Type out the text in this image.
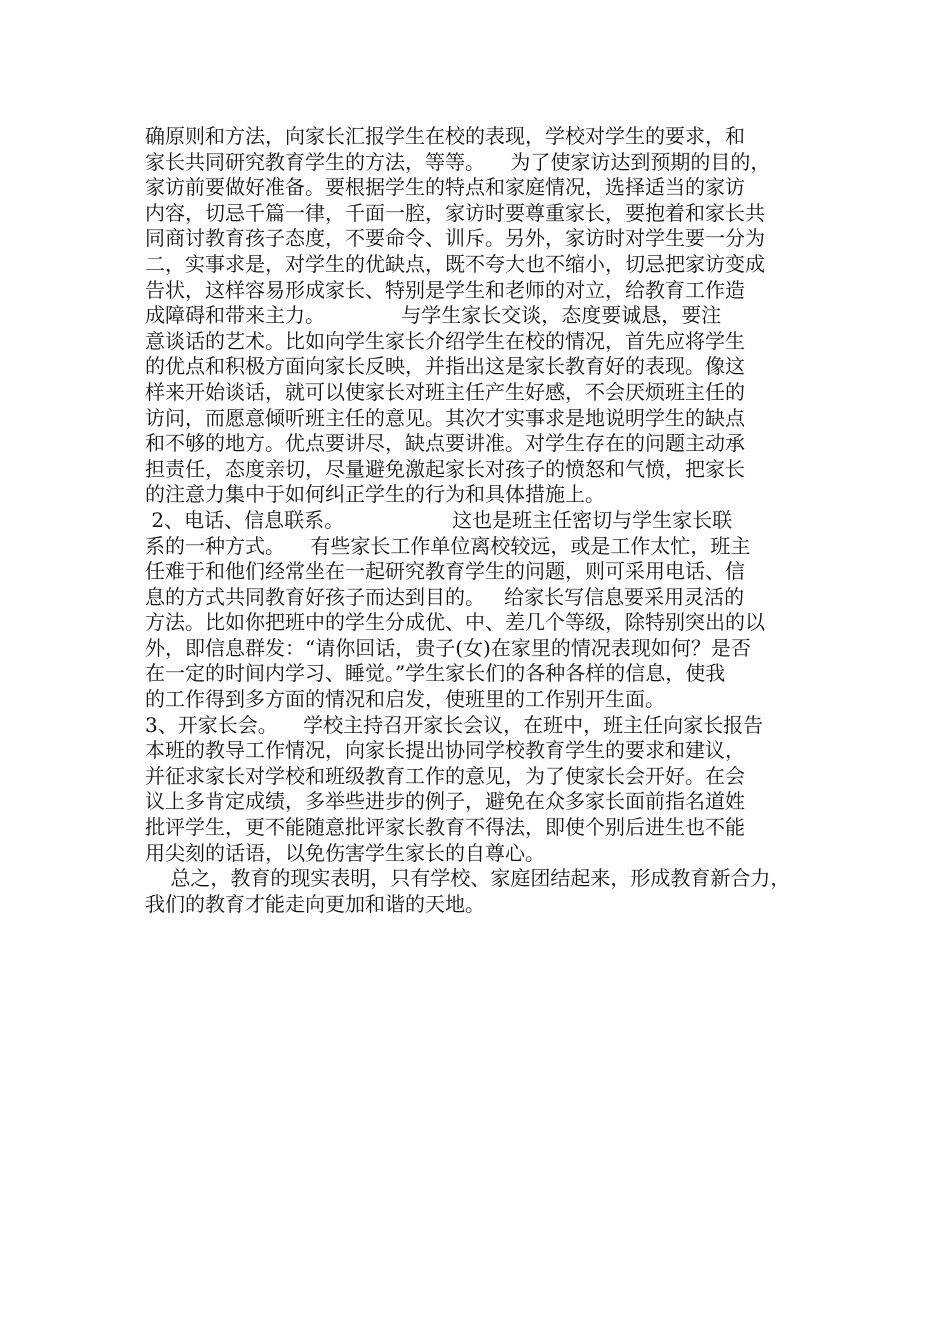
确原则和方法，向家长汇报学生在校的表现，学校对学生的要求，和
家长共同研究教育学生的方法，等等。    为了使家访达到预期的目的，
家访前要做好准备。要根据学生的特点和家庭情况，选择适当的家访
内容，切忌千篇一律，千面一腔，家访时要尊重家长，要抱着和家长共
同商讨教育孩子态度，不要命令、训斥。另外，家访时对学生要一分为
二，实事求是，对学生的优缺点，既不夸大也不缩小，切忌把家访变成
告状，这样容易形成家长、特别是学生和老师的对立，给教育工作造
成障碍和带来主力。            与学生家长交谈，态度要诚恳，要注
意谈话的艺术。比如向学生家长介绍学生在校的情况，首先应将学生
的优点和积极方面向家长反映，并指出这是家长教育好的表现。像这
样来开始谈话，就可以使家长对班主任产生好感，不会厌烦班主任的
访问，而愿意倾听班主任的意见。其次才实事求是地说明学生的缺点
和不够的地方。优点要讲尽，缺点要讲准。对学生存在的问题主动承
担责任，态度亲切，尽量避免激起家长对孩子的愤怒和气愤，把家长
的注意力集中于如何纠正学生的行为和具体措施上。
2、电话、信息联系。                 这也是班主任密切与学生家长联
系的一种方式。    有些家长工作单位离校较远，或是工作太忙，班主
任难于和他们经常坐在一起研究教育学生的问题，则可采用电话、信
息的方式共同教育好孩子而达到目的。   给家长写信息要采用灵活的
方法。比如你把班中的学生分成优、中、差几个等级，除特别突出的以
外，即信息群发：“请你回话，贵子(女)在家里的情况表现如何？是否
在一定的时间内学习、睡觉。”学生家长们的各种各样的信息，使我
的工作得到多方面的情况和启发，使班里的工作别开生面。
3、开家长会。    学校主持召开家长会议，在班中，班主任向家长报告
本班的教导工作情况，向家长提出协同学校教育学生的要求和建议，
并征求家长对学校和班级教育工作的意见，为了使家长会开好。在会
议上多肯定成绩，多举些进步的例子，避免在众多家长面前指名道姓
批评学生，更不能随意批评家长教育不得法，即使个别后进生也不能
用尖刻的话语，以免伤害学生家长的自尊心。
总之，教育的现实表明，只有学校、家庭团结起来，形成教育新合力，
我们的教育才能走向更加和谐的天地。
